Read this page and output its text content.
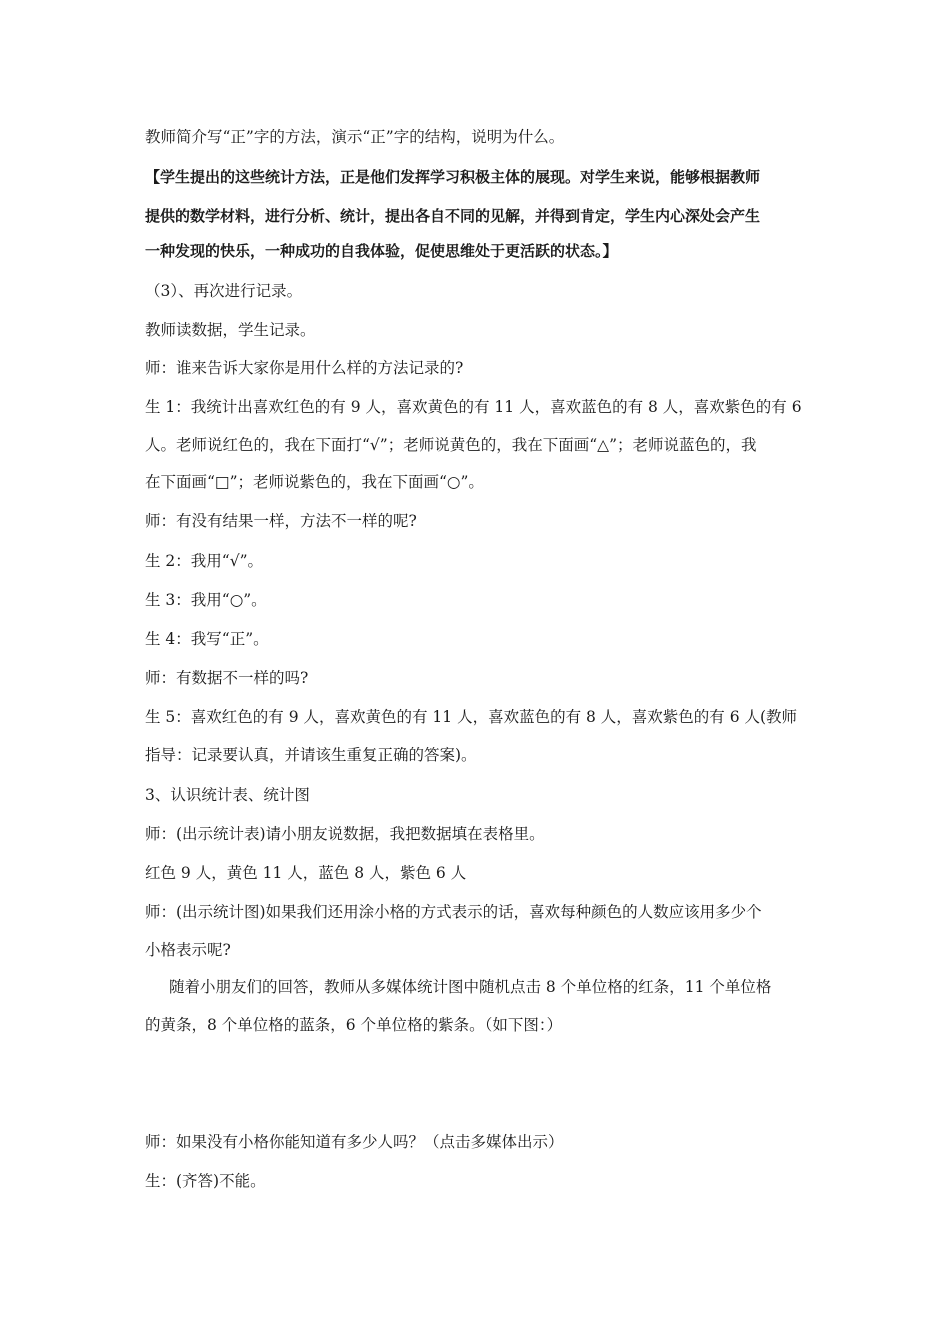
教师简介写“正”字的方法，演示“正”字的结构，说明为什么。
【学生提出的这些统计方法，正是他们发挥学习积极主体的展现。对学生来说，能够根据教师
提供的数学材料，进行分析、统计，提出各自不同的见解，并得到肯定，学生内心深处会产生
一种发现的快乐，一种成功的自我体验，促使思维处于更活跃的状态。】
（3）、再次进行记录。
教师读数据，学生记录。
师：谁来告诉大家你是用什么样的方法记录的?
生 1：我统计出喜欢红色的有 9 人，喜欢黄色的有 11 人，喜欢蓝色的有 8 人，喜欢紫色的有 6
人。老师说红色的，我在下面打“√”；老师说黄色的，我在下面画“△”；老师说蓝色的，我
在下面画“□”；老师说紫色的，我在下面画“○”。
师：有没有结果一样，方法不一样的呢?
生 2：我用“√”。
生 3：我用“○”。
生 4：我写“正”。
师：有数据不一样的吗?
生 5：喜欢红色的有 9 人，喜欢黄色的有 11 人，喜欢蓝色的有 8 人，喜欢紫色的有 6 人(教师
指导：记录要认真，并请该生重复正确的答案)。
3、认识统计表、统计图
师：(出示统计表)请小朋友说数据，我把数据填在表格里。
红色 9 人，黄色 11 人，蓝色 8 人，紫色 6 人
师：(出示统计图)如果我们还用涂小格的方式表示的话，喜欢每种颜色的人数应该用多少个
小格表示呢?
随着小朋友们的回答，教师从多媒体统计图中随机点击 8 个单位格的红条，11 个单位格
的黄条，8 个单位格的蓝条，6 个单位格的紫条。（如下图：）
师：如果没有小格你能知道有多少人吗？（点击多媒体出示）
生：(齐答)不能。
